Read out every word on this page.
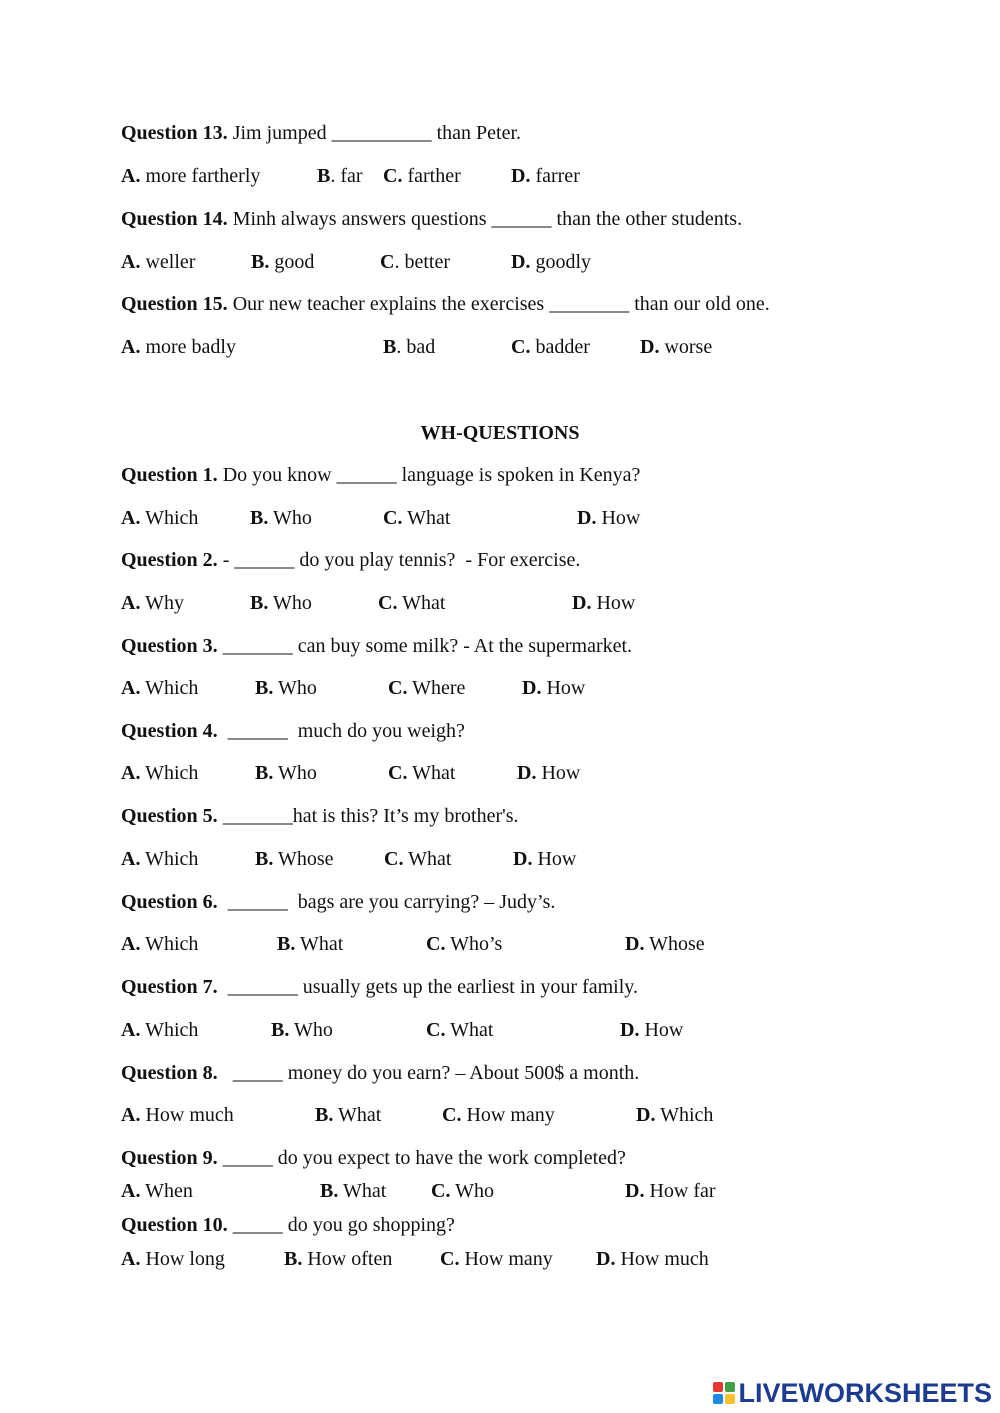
Question 13. Jim jumped __________ than Peter.
A. more fartherly	B. far C. farther	D. farrer
Question 14. Minh always answers questions ______ than the other students.
A. weller	B. good	C. better	D. goodly
Question 15. Our new teacher explains the exercises ________ than our old one.
A. more badly	B. bad	C. badder	D. worse
WH-QUESTIONS
Question 1. Do you know ______ language is spoken in Kenya?
A. Which	B. Who	C. What	D. How
Question 2. - ______ do you play tennis?  - For exercise.
A. Why	B. Who	C. What	D. How
Question 3. _______ can buy some milk? - At the supermarket.
A. Which	B. Who	C. Where	D. How
Question 4.  ______  much do you weigh?
A. Which	B. Who	C. What	D. How
Question 5. _______hat is this? It’s my brother's.
A. Which	B. Whose	C. What	D. How
Question 6.  ______  bags are you carrying? – Judy’s.
A. Which	B. What	C. Who’s	D. Whose
Question 7.  _______ usually gets up the earliest in your family.
A. Which	B. Who	C. What	D. How
Question 8.   _____ money do you earn? – About 500$ a month.
A. How much	B. What	C. How many	D. Which
Question 9. _____ do you expect to have the work completed?
A. When	B. What C. Who	D. How far
Question 10. _____ do you go shopping?
A. How long	B. How often C. How many D. How much
LIVEWORKSHEETS
